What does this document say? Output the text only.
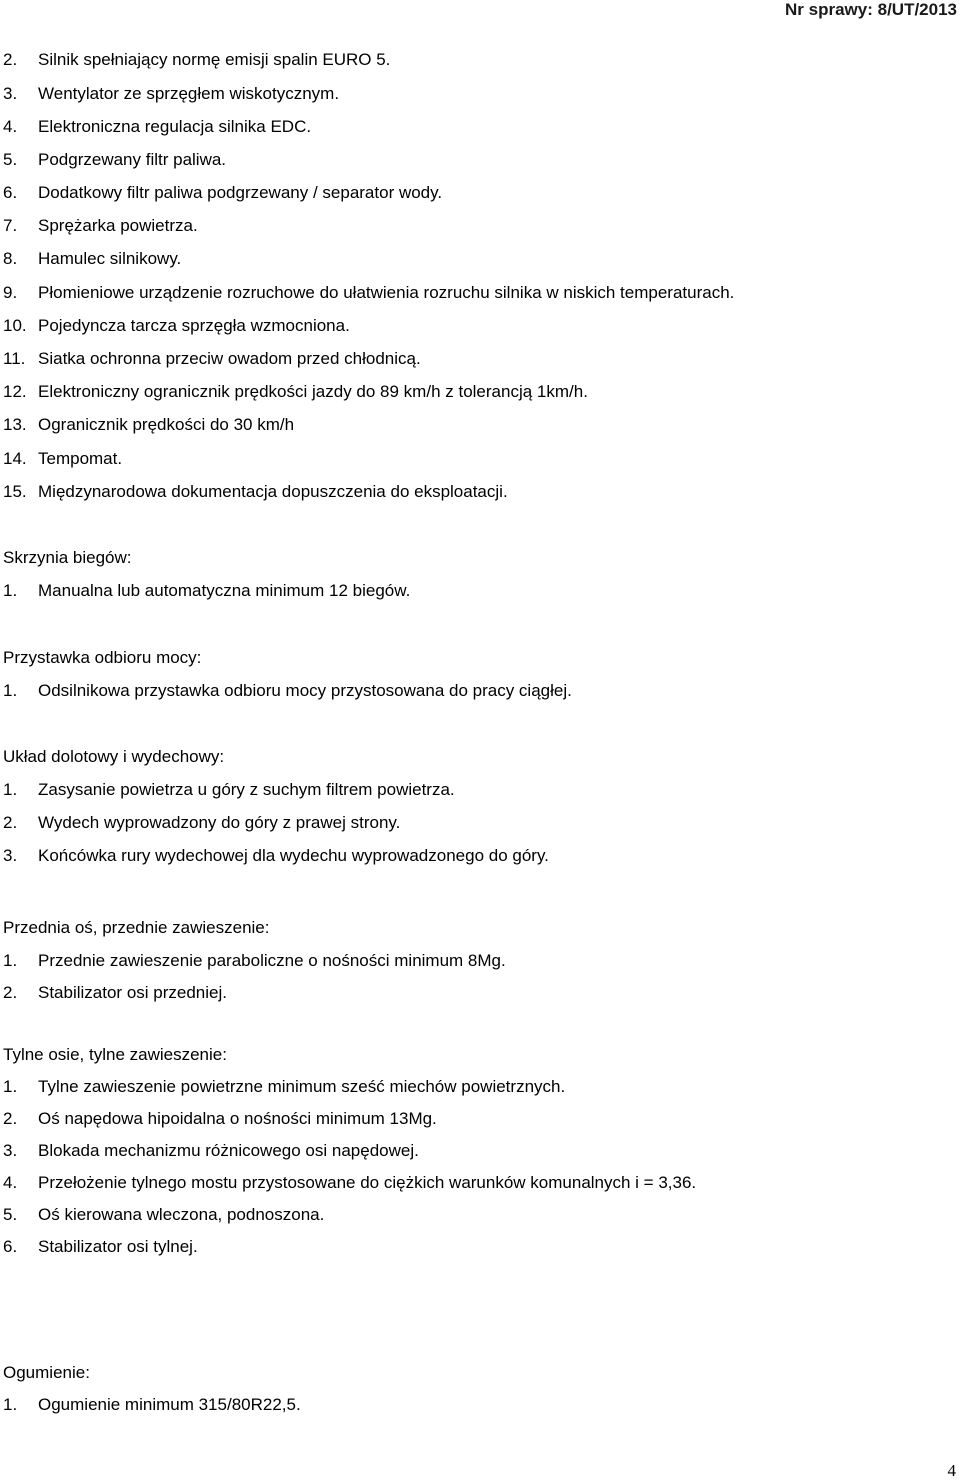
Nr sprawy: 8/UT/2013
2. Silnik spełniający normę emisji spalin EURO 5.
3. Wentylator ze sprzęgłem wiskotycznym.
4. Elektroniczna regulacja silnika EDC.
5. Podgrzewany filtr paliwa.
6. Dodatkowy filtr paliwa podgrzewany / separator wody.
7. Sprężarka powietrza.
8. Hamulec silnikowy.
9. Płomieniowe urządzenie rozruchowe do ułatwienia rozruchu silnika w niskich temperaturach.
10. Pojedyncza tarcza sprzęgła wzmocniona.
11. Siatka ochronna przeciw owadom przed chłodnicą.
12. Elektroniczny ogranicznik prędkości jazdy do 89 km/h z tolerancją 1km/h.
13. Ogranicznik prędkości do 30 km/h
14. Tempomat.
15. Międzynarodowa dokumentacja dopuszczenia do eksploatacji.
Skrzynia biegów:
1. Manualna lub automatyczna minimum 12 biegów.
Przystawka odbioru mocy:
1. Odsilnikowa przystawka odbioru mocy przystosowana do pracy ciągłej.
Układ dolotowy i wydechowy:
1. Zasysanie powietrza u góry z suchym filtrem powietrza.
2. Wydech wyprowadzony do góry z prawej strony.
3. Końcówka rury wydechowej dla wydechu wyprowadzonego do góry.
Przednia oś, przednie zawieszenie:
1. Przednie zawieszenie paraboliczne o nośności minimum 8Mg.
2. Stabilizator osi przedniej.
Tylne osie, tylne zawieszenie:
1. Tylne zawieszenie powietrzne minimum sześć miechów powietrznych.
2. Oś napędowa hipoidalna o nośności minimum 13Mg.
3. Blokada mechanizmu różnicowego osi napędowej.
4. Przełożenie tylnego mostu przystosowane do ciężkich warunków komunalnych i = 3,36.
5. Oś kierowana wleczona, podnoszona.
6. Stabilizator osi tylnej.
Ogumienie:
1. Ogumienie minimum 315/80R22,5.
4
